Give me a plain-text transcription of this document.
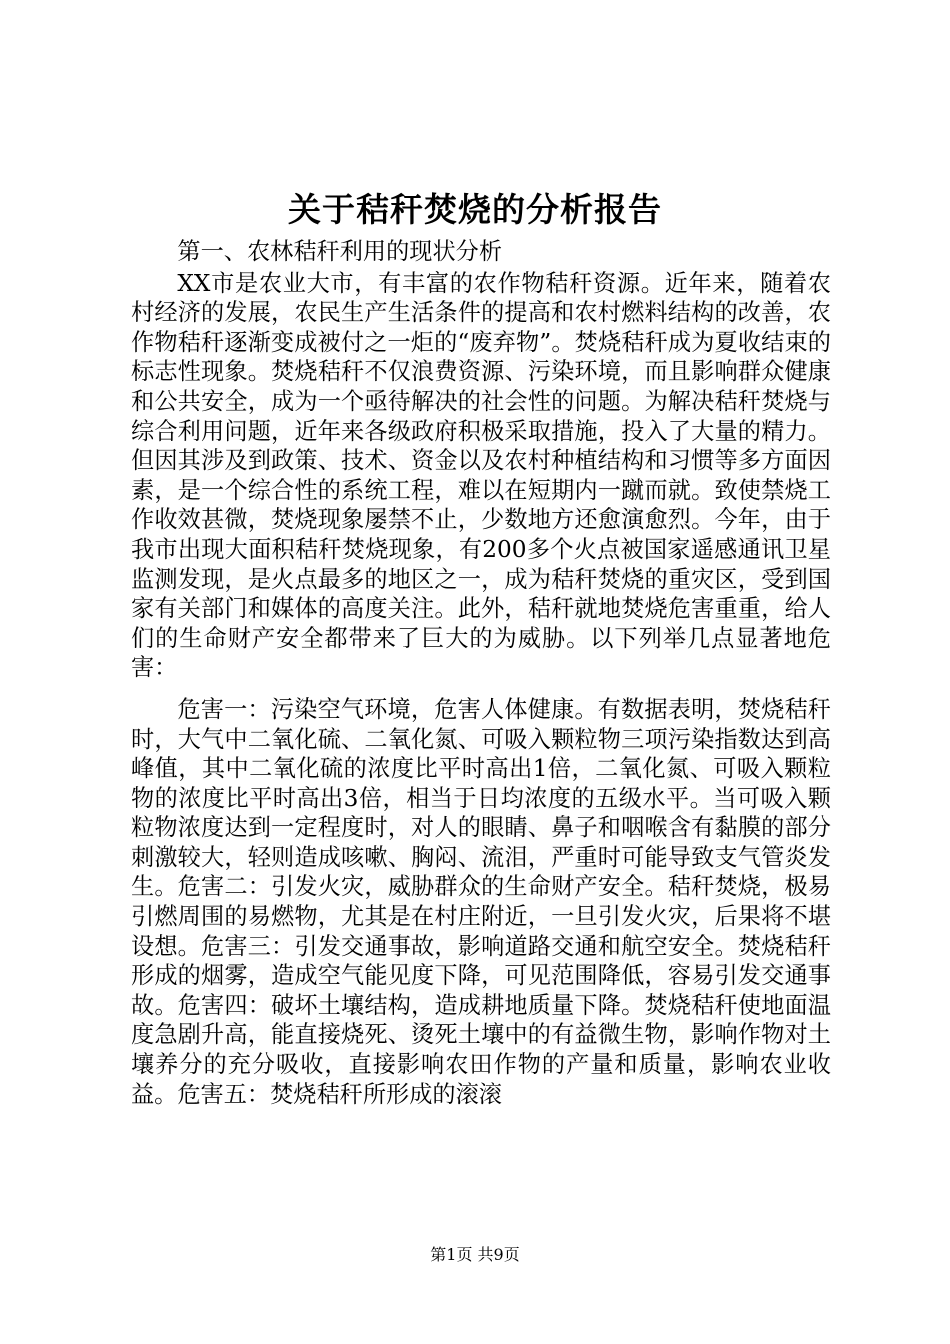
关于秸秆焚烧的分析报告

第一、农林秸秆利用的现状分析

XX市是农业大市，有丰富的农作物秸秆资源。近年来，随着农村经济的发展，农民生产生活条件的提高和农村燃料结构的改善，农作物秸秆逐渐变成被付之一炬的“废弃物”。焚烧秸秆成为夏收结束的标志性现象。焚烧秸秆不仅浪费资源、污染环境，而且影响群众健康和公共安全，成为一个亟待解决的社会性的问题。为解决秸秆焚烧与综合利用问题，近年来各级政府积极采取措施，投入了大量的精力。但因其涉及到政策、技术、资金以及农村种植结构和习惯等多方面因素，是一个综合性的系统工程，难以在短期内一蹴而就。致使禁烧工作收效甚微，焚烧现象屡禁不止，少数地方还愈演愈烈。今年，由于我市出现大面积秸秆焚烧现象，有200多个火点被国家遥感通讯卫星监测发现，是火点最多的地区之一，成为秸秆焚烧的重灾区，受到国家有关部门和媒体的高度关注。此外，秸秆就地焚烧危害重重，给人们的生命财产安全都带来了巨大的为威胁。以下列举几点显著地危害：

危害一：污染空气环境，危害人体健康。有数据表明，焚烧秸秆时，大气中二氧化硫、二氧化氮、可吸入颗粒物三项污染指数达到高峰值，其中二氧化硫的浓度比平时高出1倍，二氧化氮、可吸入颗粒物的浓度比平时高出3倍，相当于日均浓度的五级水平。当可吸入颗粒物浓度达到一定程度时，对人的眼睛、鼻子和咽喉含有黏膜的部分刺激较大，轻则造成咳嗽、胸闷、流泪，严重时可能导致支气管炎发生。危害二：引发火灾，威胁群众的生命财产安全。秸秆焚烧，极易引燃周围的易燃物，尤其是在村庄附近，一旦引发火灾，后果将不堪设想。危害三：引发交通事故，影响道路交通和航空安全。焚烧秸秆形成的烟雾，造成空气能见度下降，可见范围降低，容易引发交通事故。危害四：破坏土壤结构，造成耕地质量下降。焚烧秸秆使地面温度急剧升高，能直接烧死、烫死土壤中的有益微生物，影响作物对土壤养分的充分吸收，直接影响农田作物的产量和质量，影响农业收益。危害五：焚烧秸秆所形成的滚滚

第1页 共9页
